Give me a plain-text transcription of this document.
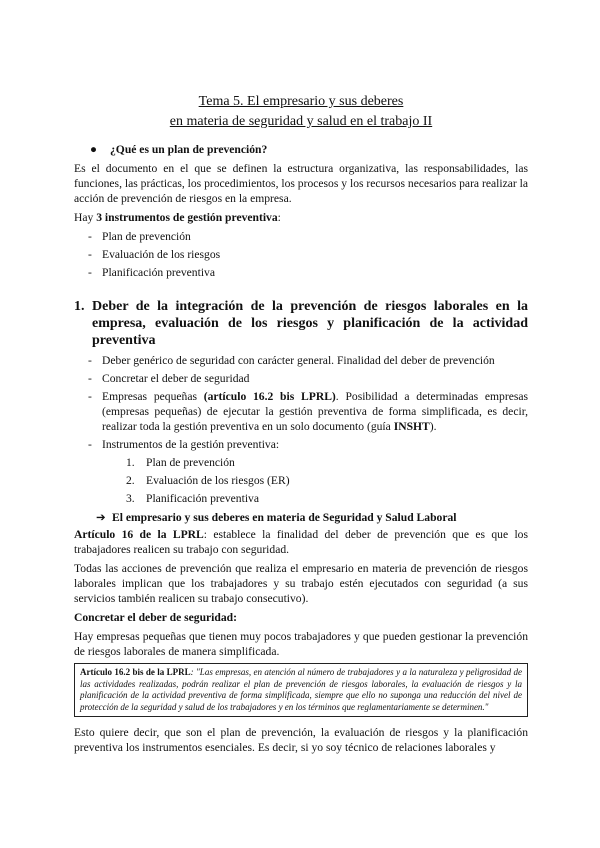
Tema 5. El empresario y sus deberes

en materia de seguridad y salud en el trabajo II

● ¿Qué es un plan de prevención?

Es el documento en el que se definen la estructura organizativa, las responsabilidades, las funciones, las prácticas, los procedimientos, los procesos y los recursos necesarios para realizar la acción de prevención de riesgos en la empresa.

Hay 3 instrumentos de gestión preventiva:

- Plan de prevención
- Evaluación de los riesgos
- Planificación preventiva
1. Deber de la integración de la prevención de riesgos laborales en la empresa, evaluación de los riesgos y planificación de la actividad preventiva
- Deber genérico de seguridad con carácter general. Finalidad del deber de prevención
- Concretar el deber de seguridad
- Empresas pequeñas (artículo 16.2 bis LPRL). Posibilidad a determinadas empresas (empresas pequeñas) de ejecutar la gestión preventiva de forma simplificada, es decir, realizar toda la gestión preventiva en un solo documento (guía INSHT).
- Instrumentos de la gestión preventiva:
1. Plan de prevención
2. Evaluación de los riesgos (ER)
3. Planificación preventiva
➔ El empresario y sus deberes en materia de Seguridad y Salud Laboral

Artículo 16 de la LPRL: establece la finalidad del deber de prevención que es que los trabajadores realicen su trabajo con seguridad.

Todas las acciones de prevención que realiza el empresario en materia de prevención de riesgos laborales implican que los trabajadores y su trabajo estén ejecutados con seguridad (a sus servicios también realicen su trabajo consecutivo).

Concretar el deber de seguridad:

Hay empresas pequeñas que tienen muy pocos trabajadores y que pueden gestionar la prevención de riesgos laborales de manera simplificada.

Artículo 16.2 bis de la LPRL: "Las empresas, en atención al número de trabajadores y a la naturaleza y peligrosidad de las actividades realizadas, podrán realizar el plan de prevención de riesgos laborales, la evaluación de riesgos y la planificación de la actividad preventiva de forma simplificada, siempre que ello no suponga una reducción del nivel de protección de la seguridad y salud de los trabajadores y en los términos que reglamentariamente se determinen."

Esto quiere decir, que son el plan de prevención, la evaluación de riesgos y la planificación preventiva los instrumentos esenciales. Es decir, si yo soy técnico de relaciones laborales y
